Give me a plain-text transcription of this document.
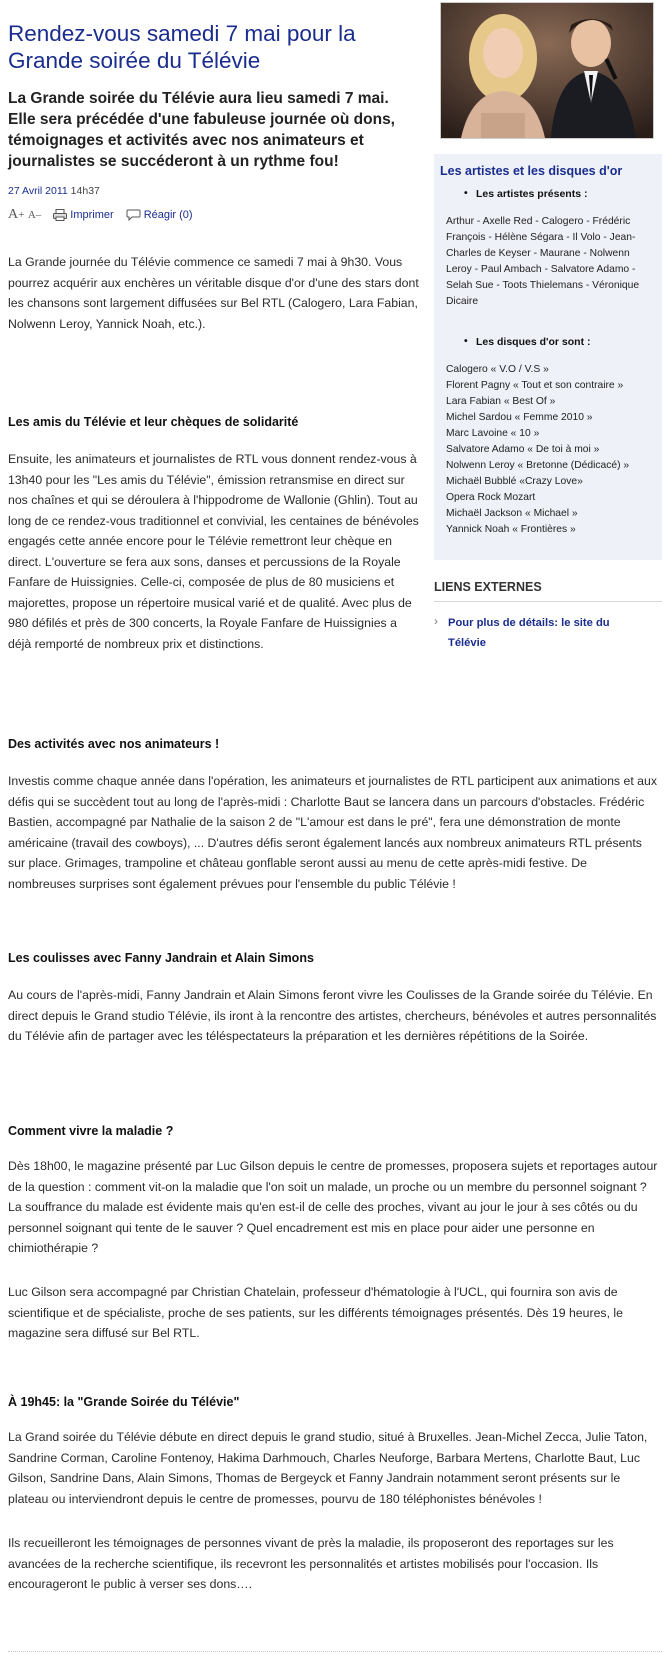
Rendez-vous samedi 7 mai pour la Grande soirée du Télévie

La Grande soirée du Télévie aura lieu samedi 7 mai. Elle sera précédée d'une fabuleuse journée où dons, témoignages et activités avec nos animateurs et journalistes se succéderont à un rythme fou!

27 Avril 2011 14h37
A+ A–	Imprimer	Réagir (0)

La Grande journée du Télévie commence ce samedi 7 mai à 9h30. Vous pourrez acquérir aux enchères un véritable disque d'or d'une des stars dont les chansons sont largement diffusées sur Bel RTL (Calogero, Lara Fabian, Nolwenn Leroy, Yannick Noah, etc.).

Les amis du Télévie et leur chèques de solidarité

Ensuite, les animateurs et journalistes de RTL vous donnent rendez-vous à 13h40 pour les "Les amis du Télévie", émission retransmise en direct sur nos chaînes et qui se déroulera à l'hippodrome de Wallonie (Ghlin). Tout au long de ce rendez-vous traditionnel et convivial, les centaines de bénévoles engagés cette année encore pour le Télévie remettront leur chèque en direct. L'ouverture se fera aux sons, danses et percussions de la Royale Fanfare de Huissignies. Celle-ci, composée de plus de 80 musiciens et majorettes, propose un répertoire musical varié et de qualité. Avec plus de 980 défilés et près de 300 concerts, la Royale Fanfare de Huissignies a déjà remporté de nombreux prix et distinctions.

Des activités avec nos animateurs !

Investis comme chaque année dans l'opération, les animateurs et journalistes de RTL participent aux animations et aux défis qui se succèdent tout au long de l'après-midi : Charlotte Baut se lancera dans un parcours d'obstacles. Frédéric Bastien, accompagné par Nathalie de la saison 2 de "L'amour est dans le pré", fera une démonstration de monte américaine (travail des cowboys), ... D'autres défis seront également lancés aux nombreux animateurs RTL présents sur place. Grimages, trampoline et château gonflable seront aussi au menu de cette après-midi festive. De nombreuses surprises sont également prévues pour l'ensemble du public Télévie !

Les coulisses avec Fanny Jandrain et Alain Simons

Au cours de l'après-midi, Fanny Jandrain et Alain Simons feront vivre les Coulisses de la Grande soirée du Télévie. En direct depuis le Grand studio Télévie, ils iront à la rencontre des artistes, chercheurs, bénévoles et autres personnalités du Télévie afin de partager avec les téléspectateurs la préparation et les dernières répétitions de la Soirée.

Comment vivre la maladie ?

Dès 18h00, le magazine présenté par Luc Gilson depuis le centre de promesses, proposera sujets et reportages autour de la question : comment vit-on la maladie que l'on soit un malade, un proche ou un membre du personnel soignant ? La souffrance du malade est évidente mais qu'en est-il de celle des proches, vivant au jour le jour à ses côtés ou du personnel soignant qui tente de le sauver ? Quel encadrement est mis en place pour aider une personne en chimiothérapie ?

Luc Gilson sera accompagné par Christian Chatelain, professeur d'hématologie à l'UCL, qui fournira son avis de scientifique et de spécialiste, proche de ses patients, sur les différents témoignages présentés. Dès 19 heures, le magazine sera diffusé sur Bel RTL.

À 19h45: la "Grande Soirée du Télévie"

La Grand soirée du Télévie débute en direct depuis le grand studio, situé à Bruxelles. Jean-Michel Zecca, Julie Taton, Sandrine Corman, Caroline Fontenoy, Hakima Darhmouch, Charles Neuforge, Barbara Mertens, Charlotte Baut, Luc Gilson, Sandrine Dans, Alain Simons, Thomas de Bergeyck et Fanny Jandrain notamment seront présents sur le plateau ou interviendront depuis le centre de promesses, pourvu de 180 téléphonistes bénévoles !

Ils recueilleront les témoignages de personnes vivant de près la maladie, ils proposeront des reportages sur les avancées de la recherche scientifique, ils recevront les personnalités et artistes mobilisés pour l'occasion. Ils encourageront le public à verser ses dons….

Les artistes et les disques d'or
• Les artistes présents :
• Les disques d'or sont :
Arthur - Axelle Red - Calogero - Frédéric François - Hélène Ségara - Il Volo - Jean-Charles de Keyser - Maurane - Nolwenn Leroy - Paul Ambach - Salvatore Adamo - Selah Sue - Toots Thielemans - Véronique Dicaire
Calogero « V.O / V.S »
Florent Pagny « Tout et son contraire »
Lara Fabian « Best Of »
Michel Sardou « Femme 2010 »
Marc Lavoine « 10 »
Salvatore Adamo « De toi à moi »
Nolwenn Leroy « Bretonne (Dédicacé) »
Michaël Bubblé «Crazy Love»
Opera Rock Mozart
Michaël Jackson « Michael »
Yannick Noah « Frontières »
LIENS EXTERNES
› Pour plus de détails: le site du Télévie
